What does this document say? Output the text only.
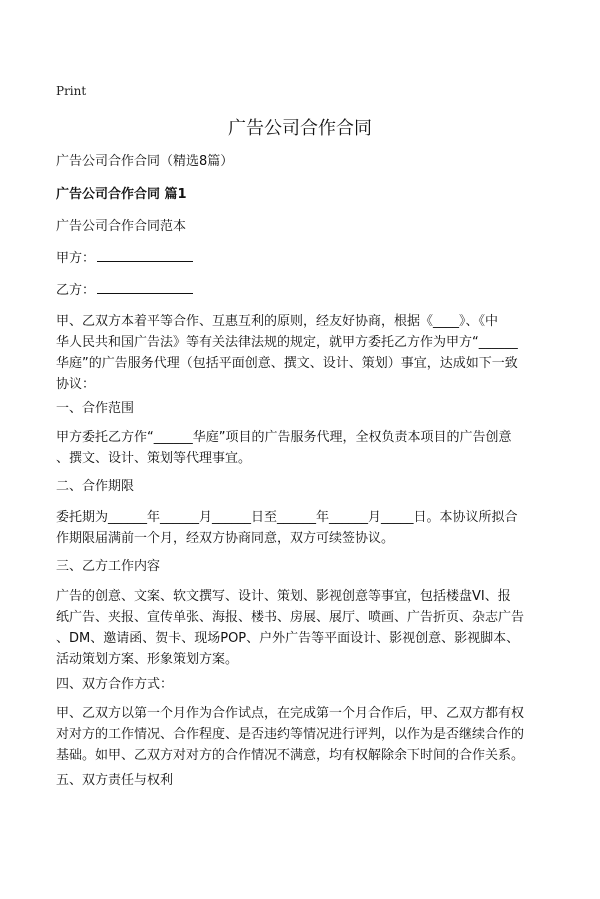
Print
广告公司合作合同
广告公司合作合同（精选8篇）
广告公司合作合同 篇1
广告公司合作合同范本
甲方：
乙方：
甲、乙双方本着平等合作、互惠互利的原则，经友好协商，根据《____》、《中
华人民共和国广告法》等有关法律法规的规定，就甲方委托乙方作为甲方“______
华庭”的广告服务代理（包括平面创意、撰文、设计、策划）事宜，达成如下一致
协议：
一、合作范围
甲方委托乙方作“______华庭”项目的广告服务代理，全权负责本项目的广告创意
、撰文、设计、策划等代理事宜。
二、合作期限
委托期为______年______月______日至______年______月_____日。本协议所拟合
作期限届满前一个月，经双方协商同意，双方可续签协议。
三、乙方工作内容
广告的创意、文案、软文撰写、设计、策划、影视创意等事宜，包括楼盘VI、报
纸广告、夹报、宣传单张、海报、楼书、房展、展厅、喷画、广告折页、杂志广告
、DM、邀请函、贺卡、现场POP、户外广告等平面设计、影视创意、影视脚本、
活动策划方案、形象策划方案。
四、双方合作方式：
甲、乙双方以第一个月作为合作试点，在完成第一个月合作后，甲、乙双方都有权
对对方的工作情况、合作程度、是否违约等情况进行评判，以作为是否继续合作的
基础。如甲、乙双方对对方的合作情况不满意，均有权解除余下时间的合作关系。
五、双方责任与权利
